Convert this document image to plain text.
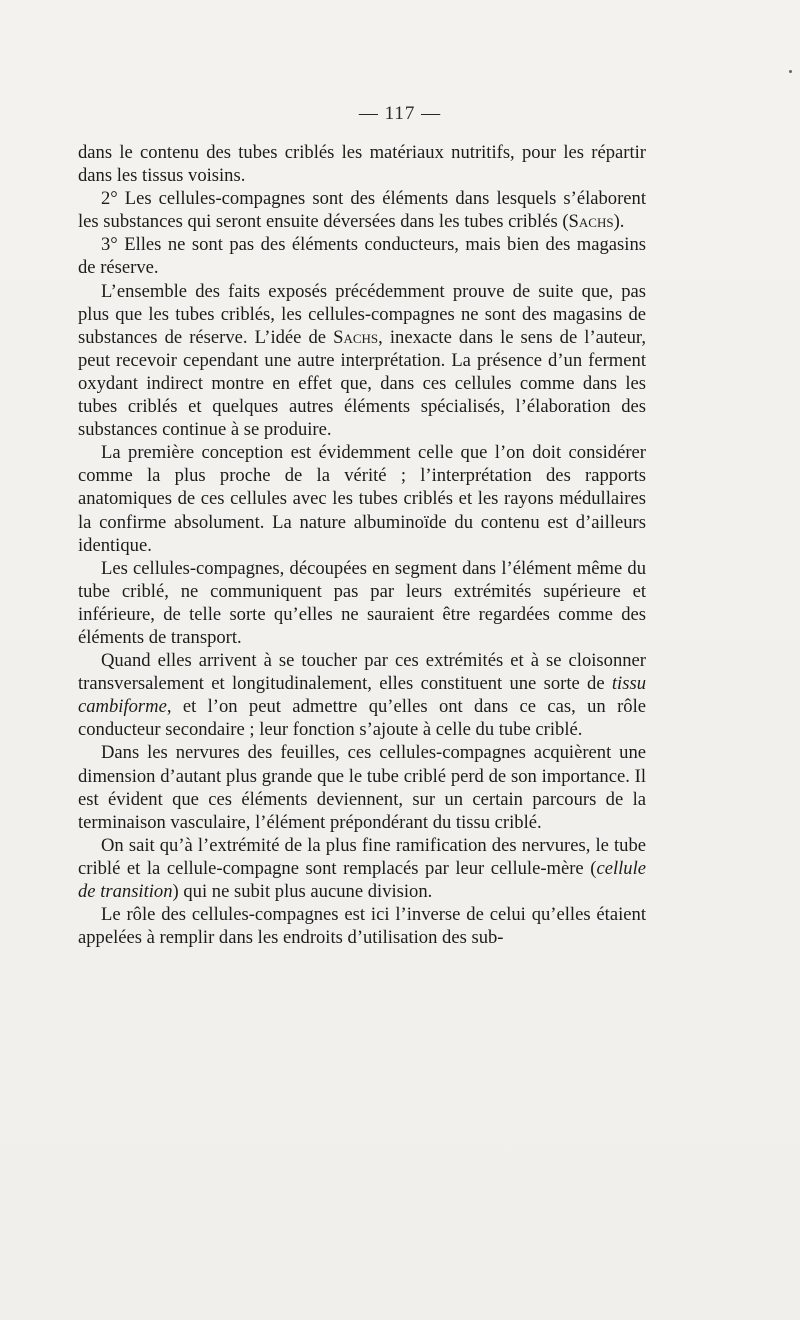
— 117 —

dans le contenu des tubes criblés les matériaux nutritifs, pour les répartir dans les tissus voisins.

2° Les cellules-compagnes sont des éléments dans lesquels s’élaborent les substances qui seront ensuite déversées dans les tubes criblés (Sachs).

3° Elles ne sont pas des éléments conducteurs, mais bien des magasins de réserve.

L’ensemble des faits exposés précédemment prouve de suite que, pas plus que les tubes criblés, les cellules-compagnes ne sont des magasins de substances de réserve. L’idée de Sachs, inexacte dans le sens de l’auteur, peut recevoir cependant une autre interprétation. La présence d’un ferment oxydant indirect montre en effet que, dans ces cellules comme dans les tubes criblés et quelques autres éléments spécialisés, l’élaboration des substances continue à se produire.

La première conception est évidemment celle que l’on doit considérer comme la plus proche de la vérité ; l’interprétation des rapports anatomiques de ces cellules avec les tubes criblés et les rayons médullaires la confirme absolument. La nature albuminoïde du contenu est d’ailleurs identique.

Les cellules-compagnes, découpées en segment dans l’élément même du tube criblé, ne communiquent pas par leurs extrémités supérieure et inférieure, de telle sorte qu’elles ne sauraient être regardées comme des éléments de transport.

Quand elles arrivent à se toucher par ces extrémités et à se cloisonner transversalement et longitudinalement, elles constituent une sorte de tissu cambiforme, et l’on peut admettre qu’elles ont dans ce cas, un rôle conducteur secondaire ; leur fonction s’ajoute à celle du tube criblé.

Dans les nervures des feuilles, ces cellules-compagnes acquièrent une dimension d’autant plus grande que le tube criblé perd de son importance. Il est évident que ces éléments deviennent, sur un certain parcours de la terminaison vasculaire, l’élément prépondérant du tissu criblé.

On sait qu’à l’extrémité de la plus fine ramification des nervures, le tube criblé et la cellule-compagne sont remplacés par leur cellule-mère (cellule de transition) qui ne subit plus aucune division.

Le rôle des cellules-compagnes est ici l’inverse de celui qu’elles étaient appelées à remplir dans les endroits d’utilisation des sub-
